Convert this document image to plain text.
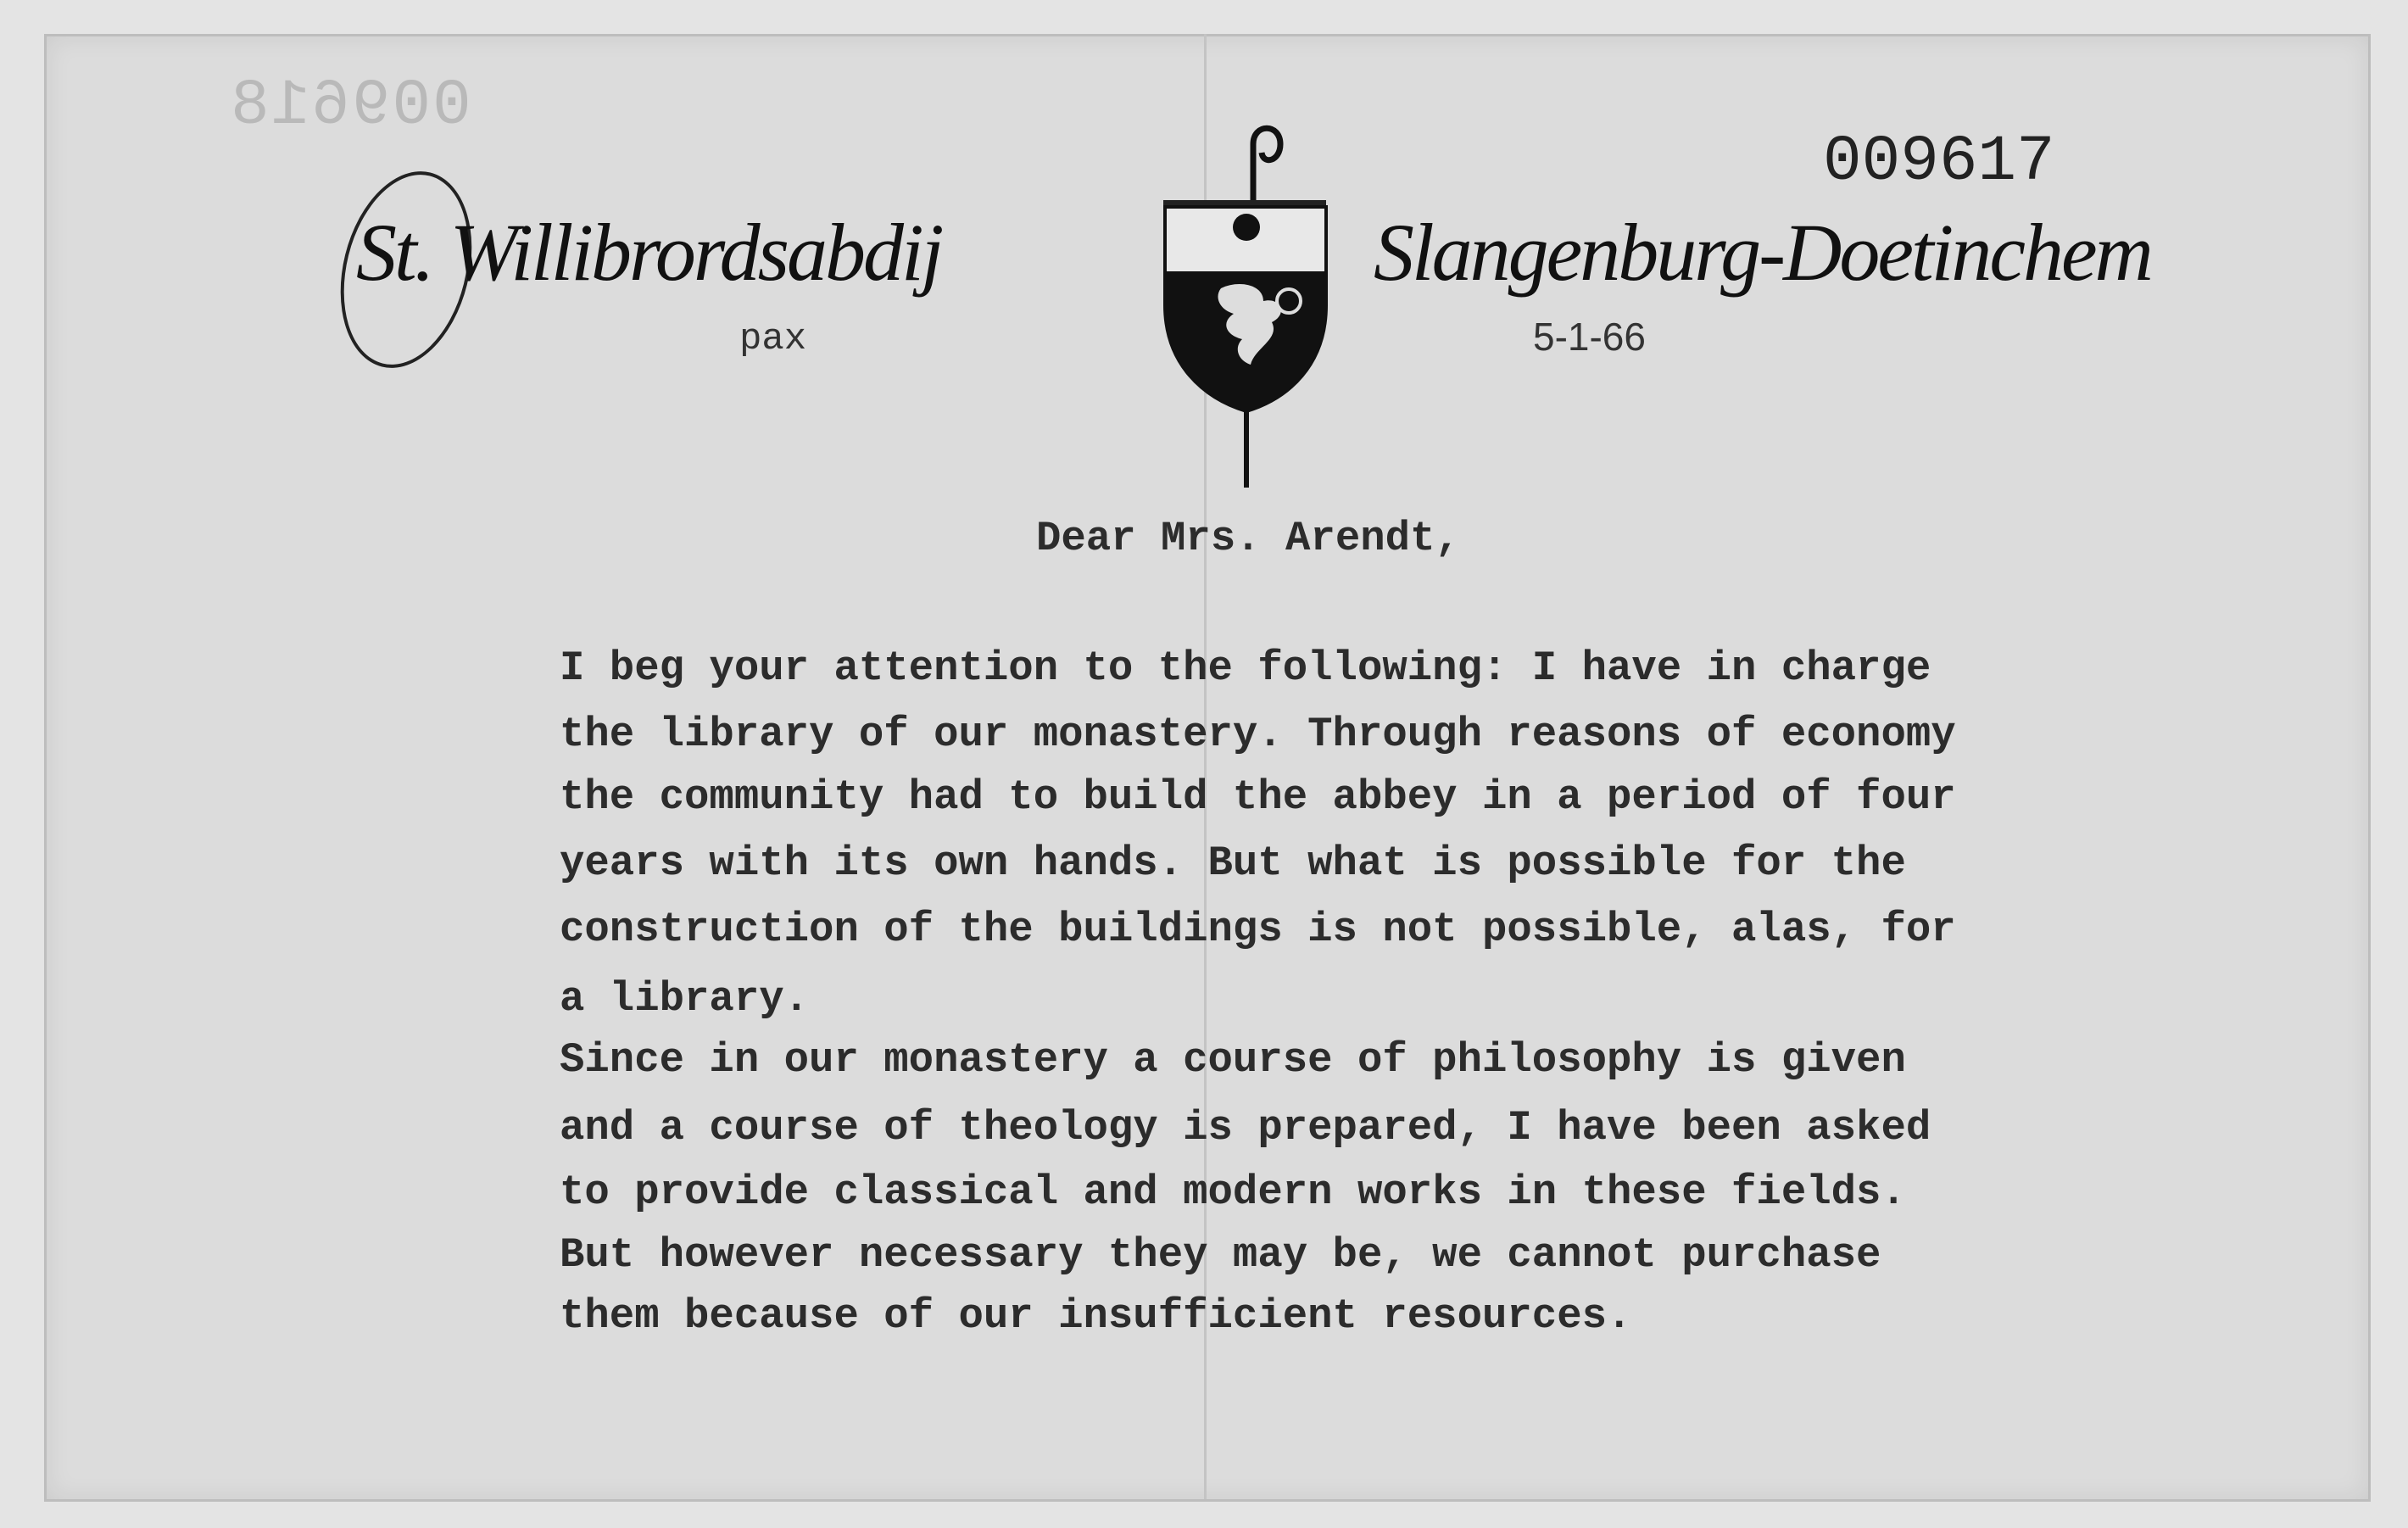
009618
009617
St. Willibrordsabdij	Slangenburg-Doetinchem
pax	5-1-66
Dear Mrs. Arendt,
I beg your attention to the following: I have in charge
the library of our monastery. Through reasons of economy
the community had to build the abbey in a period of four
years with its own hands. But what is possible for the
construction of the buildings is not possible, alas, for
a library.
Since in our monastery a course of philosophy is given
and a course of theology is prepared, I have been asked
to provide classical and modern works in these fields.
But however necessary they may be, we cannot purchase
them because of our insufficient resources.
